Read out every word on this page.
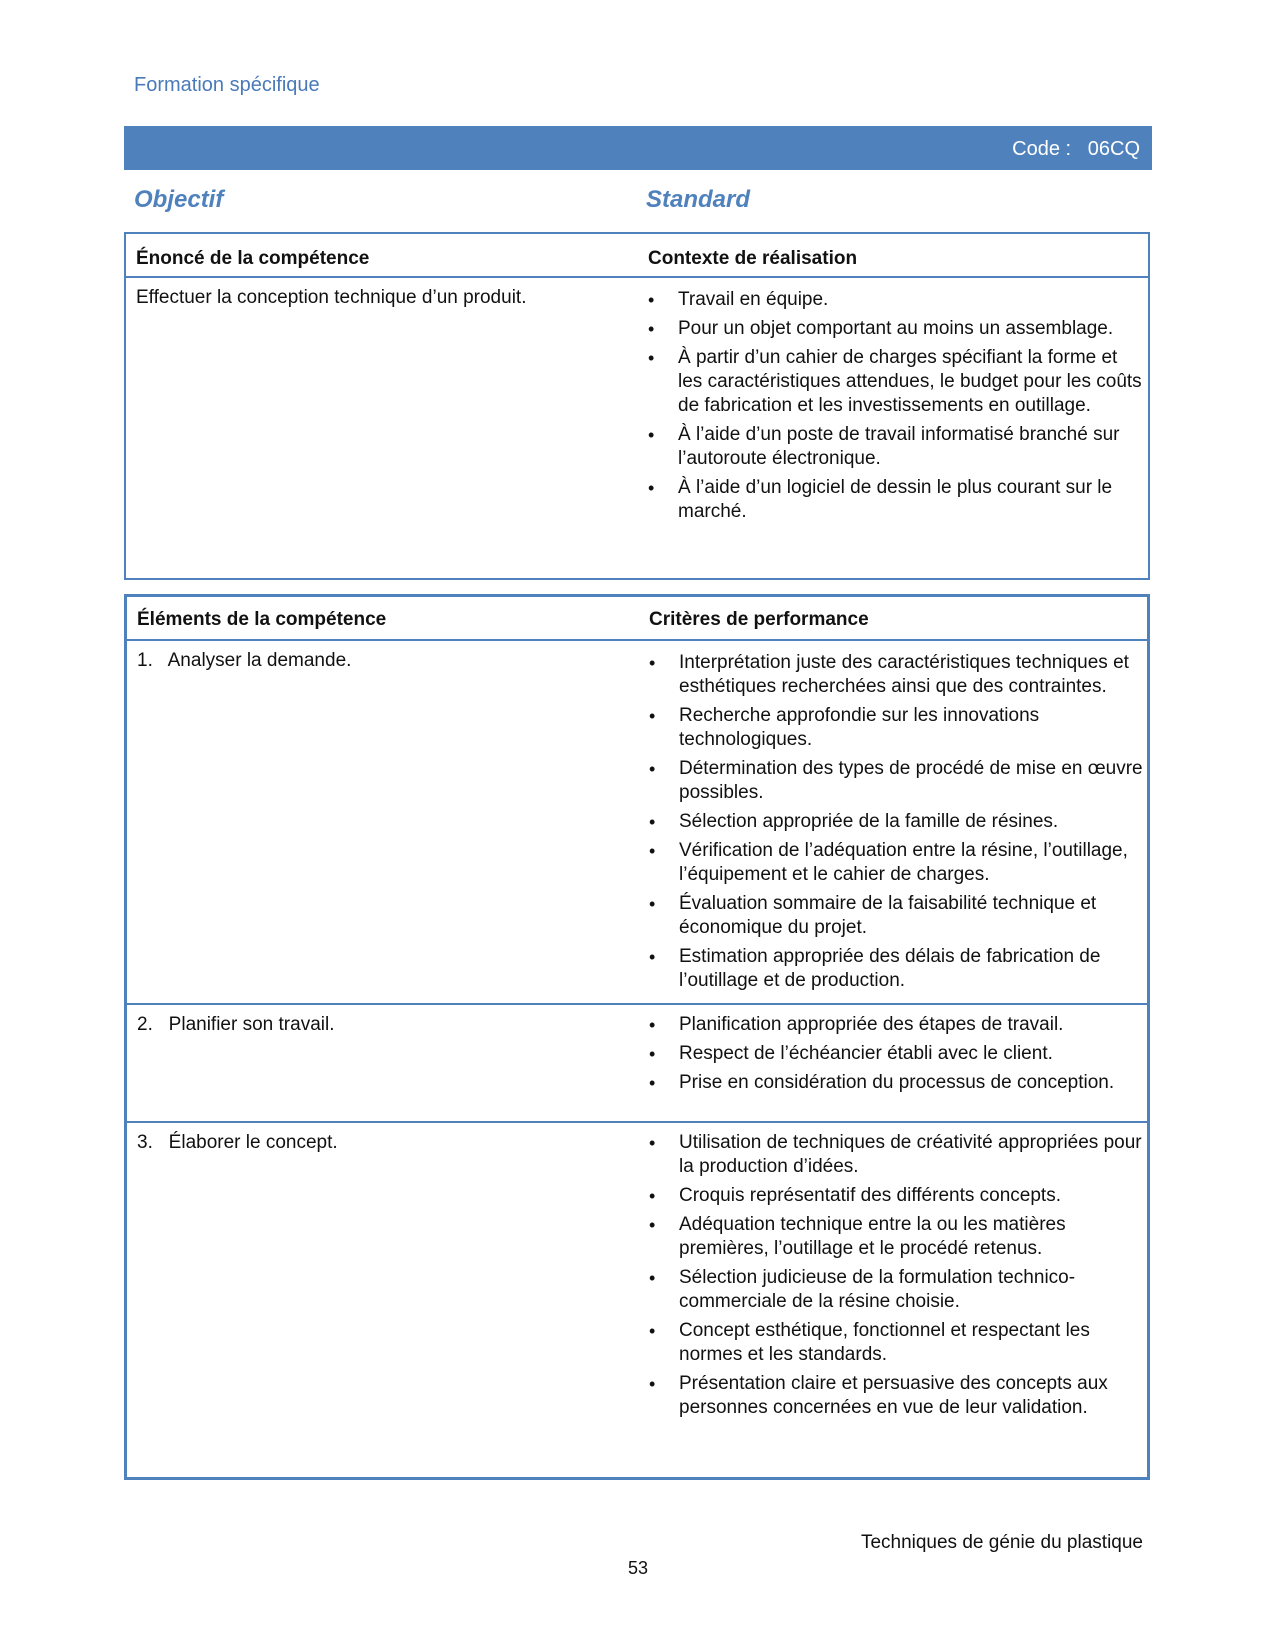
Formation spécifique
Code :   06CQ
Objectif	Standard
Énoncé de la compétence	Contexte de réalisation
Effectuer la conception technique d’un produit.	• Travail en équipe.
• Pour un objet comportant au moins un assemblage.
• À partir d’un cahier de charges spécifiant la forme et les caractéristiques attendues, le budget pour les coûts de fabrication et les investissements en outillage.
• À l’aide d’un poste de travail informatisé branché sur l’autoroute électronique.
• À l’aide d’un logiciel de dessin le plus courant sur le marché.
Éléments de la compétence	Critères de performance
1.   Analyser la demande.	• Interprétation juste des caractéristiques techniques et esthétiques recherchées ainsi que des contraintes.
• Recherche approfondie sur les innovations technologiques.
• Détermination des types de procédé de mise en œuvre possibles.
• Sélection appropriée de la famille de résines.
• Vérification de l’adéquation entre la résine, l’outillage, l’équipement et le cahier de charges.
• Évaluation sommaire de la faisabilité technique et économique du projet.
• Estimation appropriée des délais de fabrication de l’outillage et de production.
2.   Planifier son travail.	• Planification appropriée des étapes de travail.
• Respect de l’échéancier établi avec le client.
• Prise en considération du processus de conception.
3.   Élaborer le concept.	• Utilisation de techniques de créativité appropriées pour la production d’idées.
• Croquis représentatif des différents concepts.
• Adéquation technique entre la ou les matières premières, l’outillage et le procédé retenus.
• Sélection judicieuse de la formulation technico-commerciale de la résine choisie.
• Concept esthétique, fonctionnel et respectant les normes et les standards.
• Présentation claire et persuasive des concepts aux personnes concernées en vue de leur validation.
Techniques de génie du plastique
53
